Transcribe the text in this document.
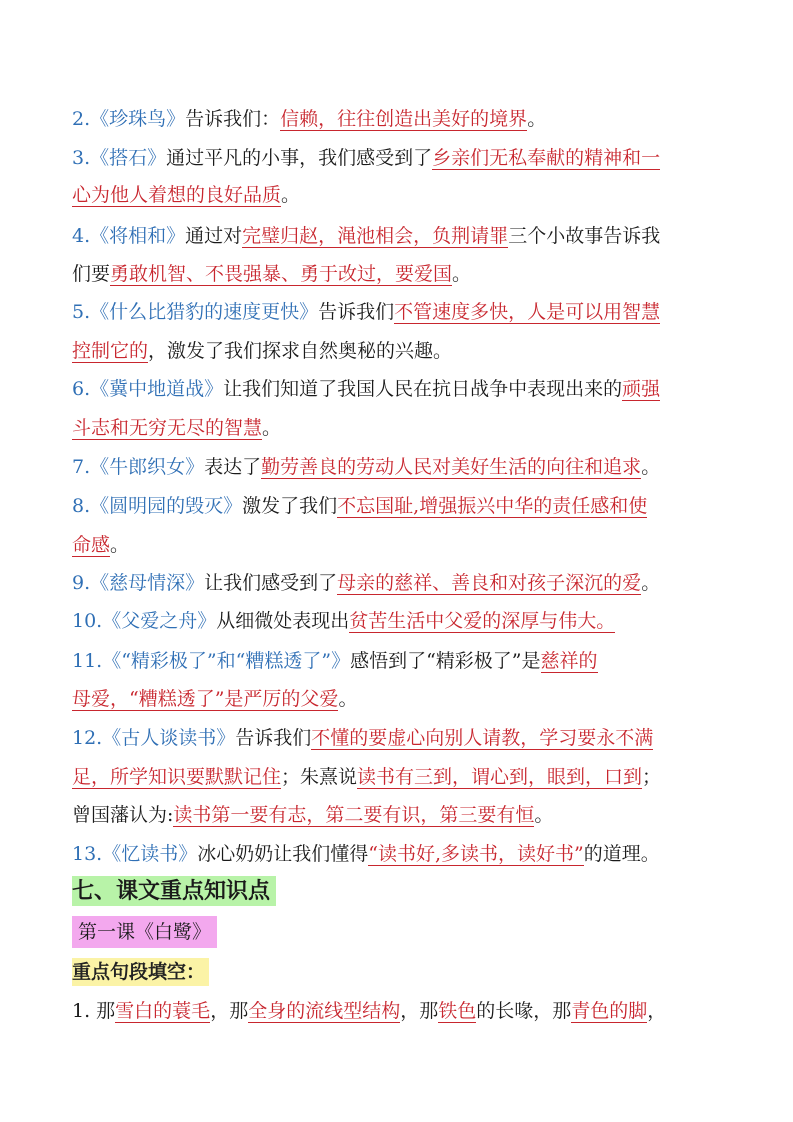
2.《珍珠鸟》告诉我们：信赖，往往创造出美好的境界。
3.《搭石》通过平凡的小事，我们感受到了乡亲们无私奉献的精神和一
心为他人着想的良好品质。
4.《将相和》通过对完璧归赵，渑池相会，负荆请罪三个小故事告诉我
们要勇敢机智、不畏强暴、勇于改过，要爱国。
5.《什么比猎豹的速度更快》告诉我们不管速度多快，人是可以用智慧
控制它的，激发了我们探求自然奥秘的兴趣。
6.《冀中地道战》让我们知道了我国人民在抗日战争中表现出来的顽强
斗志和无穷无尽的智慧。
7.《牛郎织女》表达了勤劳善良的劳动人民对美好生活的向往和追求。
8.《圆明园的毁灭》激发了我们不忘国耻,增强振兴中华的责任感和使
命感。
9.《慈母情深》让我们感受到了母亲的慈祥、善良和对孩子深沉的爱。
10.《父爱之舟》从细微处表现出贫苦生活中父爱的深厚与伟大。
11.《“精彩极了”和“糟糕透了”》感悟到了“精彩极了”是慈祥的
母爱，“糟糕透了”是严厉的父爱。
12.《古人谈读书》告诉我们不懂的要虚心向别人请教，学习要永不满
足，所学知识要默默记住；朱熹说读书有三到，谓心到，眼到，口到；
曾国藩认为:读书第一要有志，第二要有识，第三要有恒。
13.《忆读书》冰心奶奶让我们懂得“读书好,多读书，读好书”的道理。
七、课文重点知识点
第一课《白鹭》
重点句段填空：
1. 那雪白的蓑毛，那全身的流线型结构，那铁色的长喙，那青色的脚，
